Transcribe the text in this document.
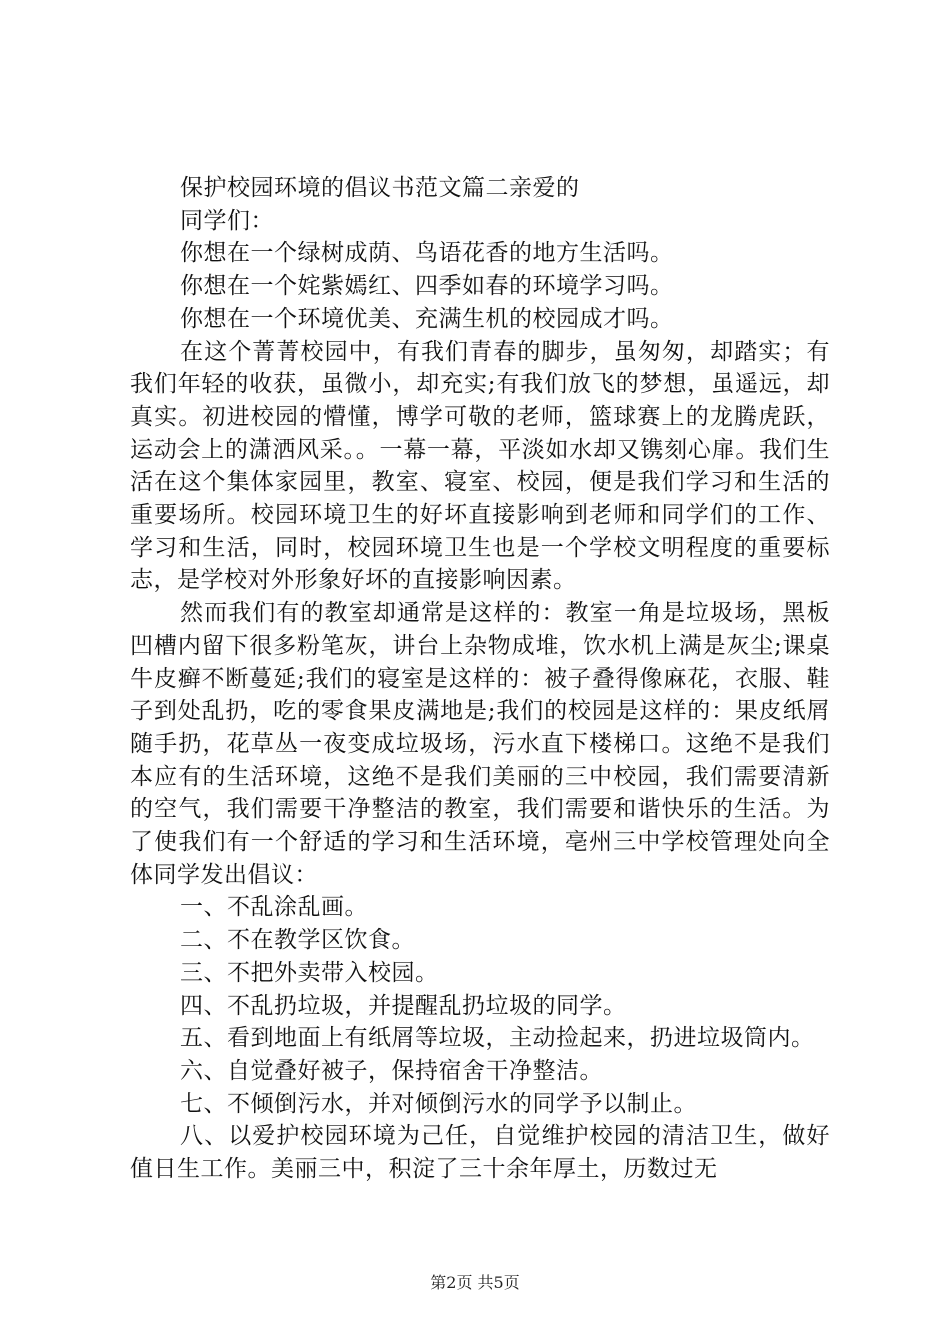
保护校园环境的倡议书范文篇二亲爱的

同学们：

你想在一个绿树成荫、鸟语花香的地方生活吗。

你想在一个姹紫嫣红、四季如春的环境学习吗。

你想在一个环境优美、充满生机的校园成才吗。

在这个菁菁校园中，有我们青春的脚步，虽匆匆，却踏实；有我们年轻的收获，虽微小，却充实;有我们放飞的梦想，虽遥远，却真实。初进校园的懵懂，博学可敬的老师，篮球赛上的龙腾虎跃，运动会上的潇洒风采。。一幕一幕，平淡如水却又镌刻心扉。我们生活在这个集体家园里，教室、寝室、校园，便是我们学习和生活的重要场所。校园环境卫生的好坏直接影响到老师和同学们的工作、学习和生活，同时，校园环境卫生也是一个学校文明程度的重要标志，是学校对外形象好坏的直接影响因素。

然而我们有的教室却通常是这样的：教室一角是垃圾场，黑板凹槽内留下很多粉笔灰，讲台上杂物成堆，饮水机上满是灰尘;课桌牛皮癣不断蔓延;我们的寝室是这样的：被子叠得像麻花，衣服、鞋子到处乱扔，吃的零食果皮满地是;我们的校园是这样的：果皮纸屑随手扔，花草丛一夜变成垃圾场，污水直下楼梯口。这绝不是我们本应有的生活环境，这绝不是我们美丽的三中校园，我们需要清新的空气，我们需要干净整洁的教室，我们需要和谐快乐的生活。为了使我们有一个舒适的学习和生活环境，亳州三中学校管理处向全体同学发出倡议：

一、不乱涂乱画。

二、不在教学区饮食。

三、不把外卖带入校园。

四、不乱扔垃圾，并提醒乱扔垃圾的同学。

五、看到地面上有纸屑等垃圾，主动捡起来，扔进垃圾筒内。

六、自觉叠好被子，保持宿舍干净整洁。

七、不倾倒污水，并对倾倒污水的同学予以制止。

八、以爱护校园环境为己任，自觉维护校园的清洁卫生，做好值日生工作。美丽三中，积淀了三十余年厚土，历数过无

第2页 共5页
